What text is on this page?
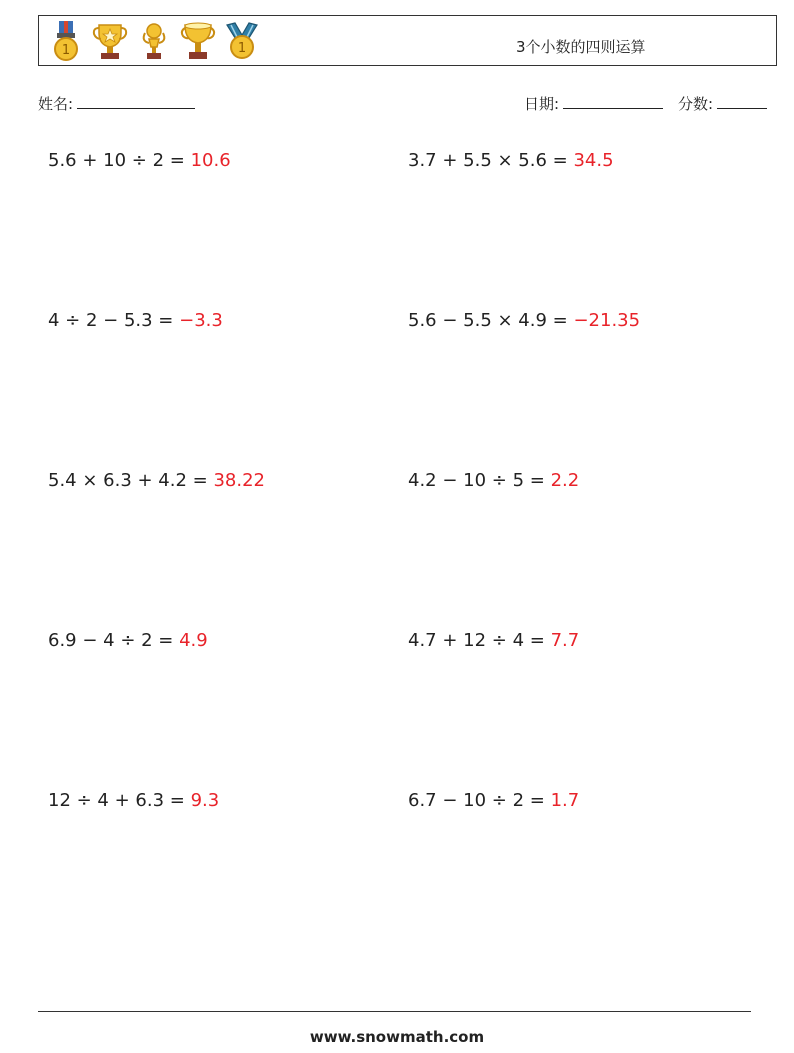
1	1	3个小数的四则运算
姓名:	日期:	分数:
5.6 + 10 ÷ 2 = 10.6	3.7 + 5.5 × 5.6 = 34.5
4 ÷ 2 − 5.3 = −3.3	5.6 − 5.5 × 4.9 = −21.35
5.4 × 6.3 + 4.2 = 38.22	4.2 − 10 ÷ 5 = 2.2
6.9 − 4 ÷ 2 = 4.9	4.7 + 12 ÷ 4 = 7.7
12 ÷ 4 + 6.3 = 9.3	6.7 − 10 ÷ 2 = 1.7
www.snowmath.com
